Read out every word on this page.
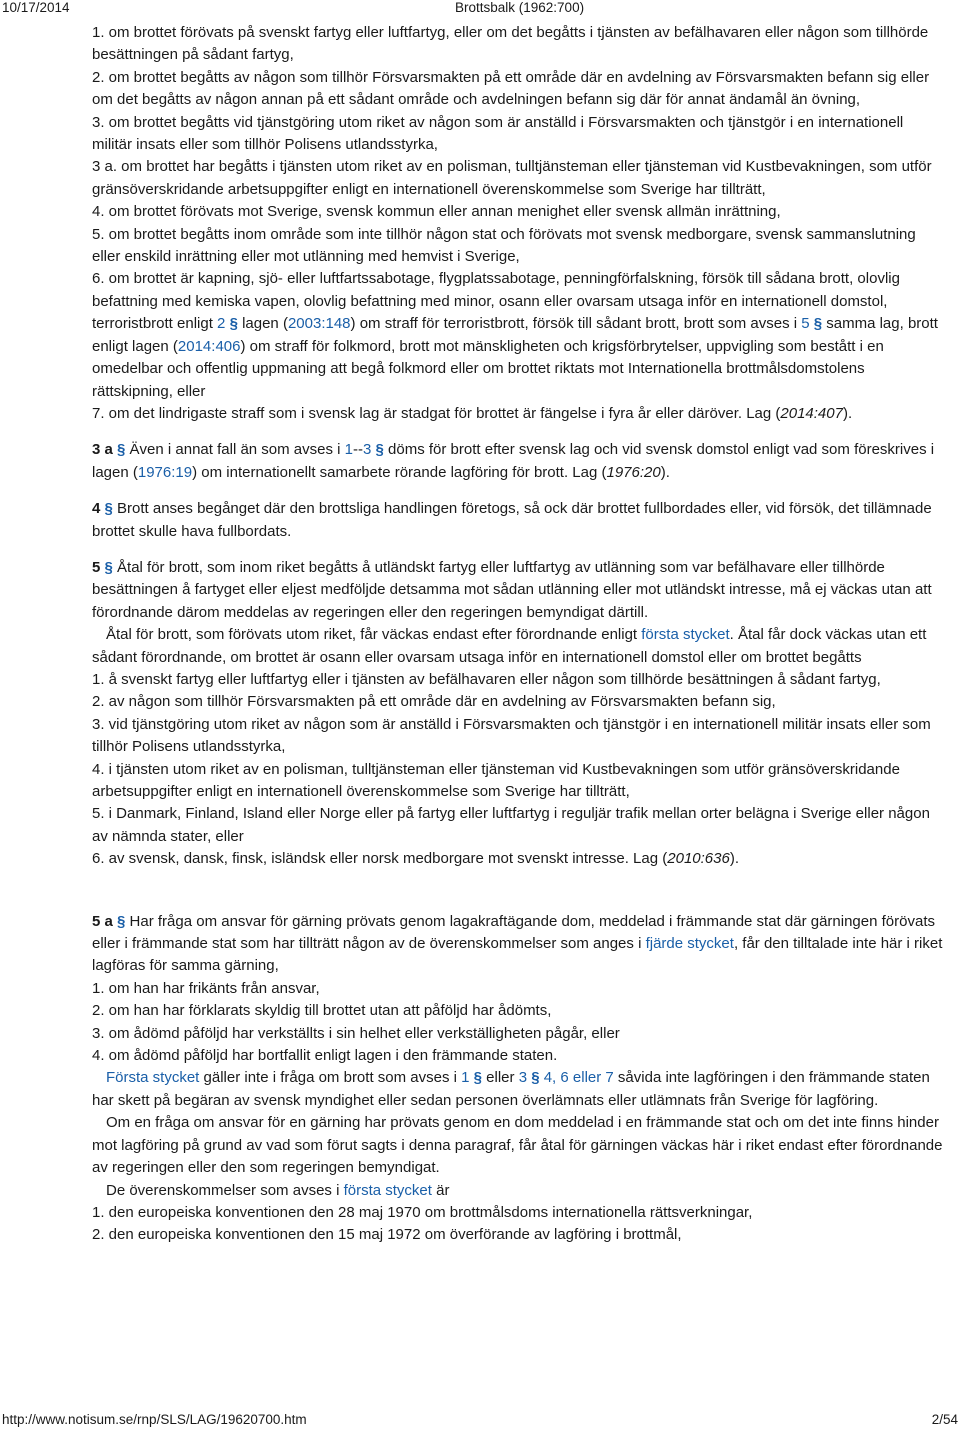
10/17/2014	Brottsbalk (1962:700)

1. om brottet förövats på svenskt fartyg eller luftfartyg, eller om det begåtts i tjänsten av befälhavaren eller någon som tillhörde besättningen på sådant fartyg,

2. om brottet begåtts av någon som tillhör Försvarsmakten på ett område där en avdelning av Försvarsmakten befann sig eller om det begåtts av någon annan på ett sådant område och avdelningen befann sig där för annat ändamål än övning,

3. om brottet begåtts vid tjänstgöring utom riket av någon som är anställd i Försvarsmakten och tjänstgör i en internationell militär insats eller som tillhör Polisens utlandsstyrka,

3 a. om brottet har begåtts i tjänsten utom riket av en polisman, tulltjänsteman eller tjänsteman vid Kustbevakningen, som utför gränsöverskridande arbetsuppgifter enligt en internationell överenskommelse som Sverige har tillträtt,

4. om brottet förövats mot Sverige, svensk kommun eller annan menighet eller svensk allmän inrättning,

5. om brottet begåtts inom område som inte tillhör någon stat och förövats mot svensk medborgare, svensk sammanslutning eller enskild inrättning eller mot utlänning med hemvist i Sverige,

6. om brottet är kapning, sjö- eller luftfartssabotage, flygplatssabotage, penningförfalskning, försök till sådana brott, olovlig befattning med kemiska vapen, olovlig befattning med minor, osann eller ovarsam utsaga inför en internationell domstol, terroristbrott enligt 2 § lagen (2003:148) om straff för terroristbrott, försök till sådant brott, brott som avses i 5 § samma lag, brott enligt lagen (2014:406) om straff för folkmord, brott mot mänskligheten och krigsförbrytelser, uppvigling som bestått i en omedelbar och offentlig uppmaning att begå folkmord eller om brottet riktats mot Internationella brottmålsdomstolens rättskipning, eller

7. om det lindrigaste straff som i svensk lag är stadgat för brottet är fängelse i fyra år eller däröver. Lag (2014:407).

3 a § Även i annat fall än som avses i 1--3 § döms för brott efter svensk lag och vid svensk domstol enligt vad som föreskrives i lagen (1976:19) om internationellt samarbete rörande lagföring för brott. Lag (1976:20).

4 § Brott anses begånget där den brottsliga handlingen företogs, så ock där brottet fullbordades eller, vid försök, det tillämnade brottet skulle hava fullbordats.

5 § Åtal för brott, som inom riket begåtts å utländskt fartyg eller luftfartyg av utlänning som var befälhavare eller tillhörde besättningen å fartyget eller eljest medföljde detsamma mot sådan utlänning eller mot utländskt intresse, må ej väckas utan att förordnande därom meddelas av regeringen eller den regeringen bemyndigat därtill.

Åtal för brott, som förövats utom riket, får väckas endast efter förordnande enligt första stycket. Åtal får dock väckas utan ett sådant förordnande, om brottet är osann eller ovarsam utsaga inför en internationell domstol eller om brottet begåtts

1. å svenskt fartyg eller luftfartyg eller i tjänsten av befälhavaren eller någon som tillhörde besättningen å sådant fartyg,

2. av någon som tillhör Försvarsmakten på ett område där en avdelning av Försvarsmakten befann sig,

3. vid tjänstgöring utom riket av någon som är anställd i Försvarsmakten och tjänstgör i en internationell militär insats eller som tillhör Polisens utlandsstyrka,

4. i tjänsten utom riket av en polisman, tulltjänsteman eller tjänsteman vid Kustbevakningen som utför gränsöverskridande arbetsuppgifter enligt en internationell överenskommelse som Sverige har tillträtt,

5. i Danmark, Finland, Island eller Norge eller på fartyg eller luftfartyg i reguljär trafik mellan orter belägna i Sverige eller någon av nämnda stater, eller

6. av svensk, dansk, finsk, isländsk eller norsk medborgare mot svenskt intresse. Lag (2010:636).

5 a § Har fråga om ansvar för gärning prövats genom lagakraftägande dom, meddelad i främmande stat där gärningen förövats eller i främmande stat som har tillträtt någon av de överenskommelser som anges i fjärde stycket, får den tilltalade inte här i riket lagföras för samma gärning,

1. om han har frikänts från ansvar,

2. om han har förklarats skyldig till brottet utan att påföljd har ådömts,

3. om ådömd påföljd har verkställts i sin helhet eller verkställigheten pågår, eller

4. om ådömd påföljd har bortfallit enligt lagen i den främmande staten.

Första stycket gäller inte i fråga om brott som avses i 1 § eller 3 § 4, 6 eller 7 såvida inte lagföringen i den främmande staten har skett på begäran av svensk myndighet eller sedan personen överlämnats eller utlämnats från Sverige för lagföring.

Om en fråga om ansvar för en gärning har prövats genom en dom meddelad i en främmande stat och om det inte finns hinder mot lagföring på grund av vad som förut sagts i denna paragraf, får åtal för gärningen väckas här i riket endast efter förordnande av regeringen eller den som regeringen bemyndigat.

De överenskommelser som avses i första stycket är

1. den europeiska konventionen den 28 maj 1970 om brottmålsdoms internationella rättsverkningar,

2. den europeiska konventionen den 15 maj 1972 om överförande av lagföring i brottmål,

http://www.notisum.se/rnp/SLS/LAG/19620700.htm	2/54
